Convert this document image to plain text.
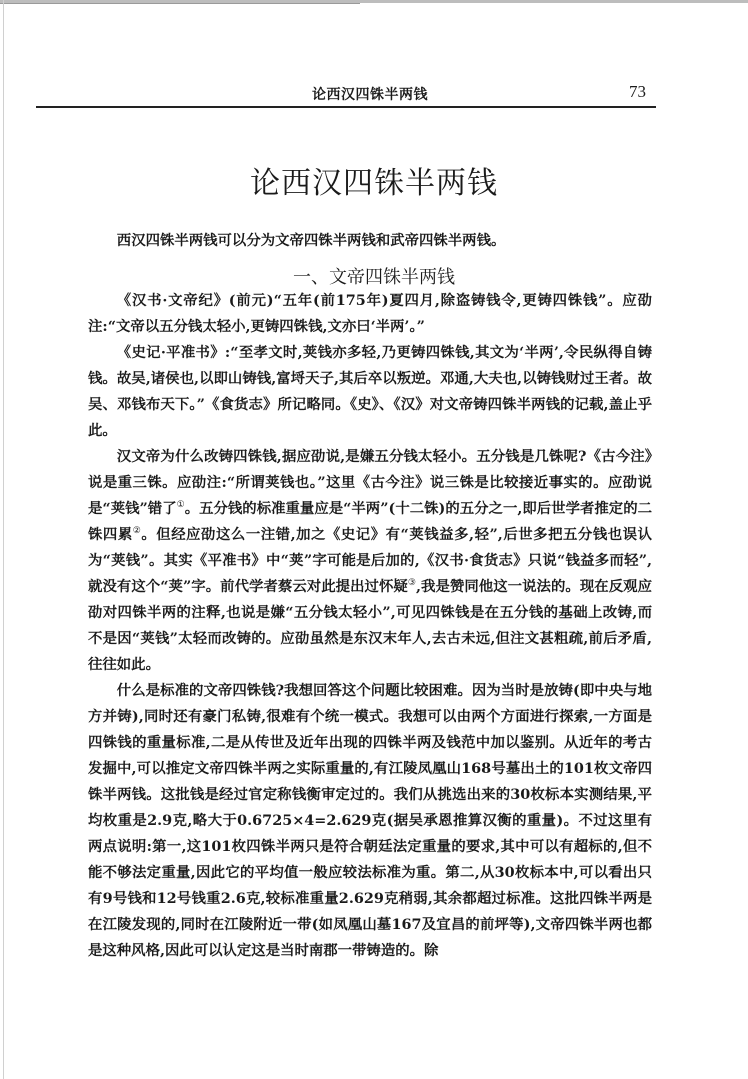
论西汉四铢半两钱	73
论西汉四铢半两钱

西汉四铢半两钱可以分为文帝四铢半两钱和武帝四铢半两钱。

一、文帝四铢半两钱

《汉书·文帝纪》(前元)“五年(前175年)夏四月,除盗铸钱令,更铸四铢钱”。应劭注:“文帝以五分钱太轻小,更铸四铢钱,文亦曰‘半两’。”

《史记·平准书》:“至孝文时,荚钱亦多轻,乃更铸四铢钱,其文为‘半两’,令民纵得自铸钱。故吴,诸侯也,以即山铸钱,富埒天子,其后卒以叛逆。邓通,大夫也,以铸钱财过王者。故吴、邓钱布天下。”《食货志》所记略同。《史》、《汉》对文帝铸四铢半两钱的记载,盖止乎此。

汉文帝为什么改铸四铢钱,据应劭说,是嫌五分钱太轻小。五分钱是几铢呢?《古今注》说是重三铢。应劭注:“所谓荚钱也。”这里《古今注》说三铢是比较接近事实的。应劭说是“荚钱”错了①。五分钱的标准重量应是“半两”(十二铢)的五分之一,即后世学者推定的二铢四累②。但经应劭这么一注错,加之《史记》有“荚钱益多,轻”,后世多把五分钱也误认为“荚钱”。其实《平准书》中“荚”字可能是后加的,《汉书·食货志》只说“钱益多而轻”,就没有这个“荚”字。前代学者蔡云对此提出过怀疑③,我是赞同他这一说法的。现在反观应劭对四铢半两的注释,也说是嫌“五分钱太轻小”,可见四铢钱是在五分钱的基础上改铸,而不是因“荚钱”太轻而改铸的。应劭虽然是东汉末年人,去古未远,但注文甚粗疏,前后矛盾,往往如此。

什么是标准的文帝四铢钱?我想回答这个问题比较困难。因为当时是放铸(即中央与地方并铸),同时还有豪门私铸,很难有个统一模式。我想可以由两个方面进行探索,一方面是四铢钱的重量标准,二是从传世及近年出现的四铢半两及钱范中加以鉴别。从近年的考古发掘中,可以推定文帝四铢半两之实际重量的,有江陵凤凰山168号墓出土的101枚文帝四铢半两钱。这批钱是经过官定称钱衡审定过的。我们从挑选出来的30枚标本实测结果,平均枚重是2.9克,略大于0.6725×4=2.629克(据吴承恩推算汉衡的重量)。不过这里有两点说明:第一,这101枚四铢半两只是符合朝廷法定重量的要求,其中可以有超标的,但不能不够法定重量,因此它的平均值一般应较法标准为重。第二,从30枚标本中,可以看出只有9号钱和12号钱重2.6克,较标准重量2.629克稍弱,其余都超过标准。这批四铢半两是在江陵发现的,同时在江陵附近一带(如凤凰山墓167及宜昌的前坪等),文帝四铢半两也都是这种风格,因此可以认定这是当时南郡一带铸造的。除
